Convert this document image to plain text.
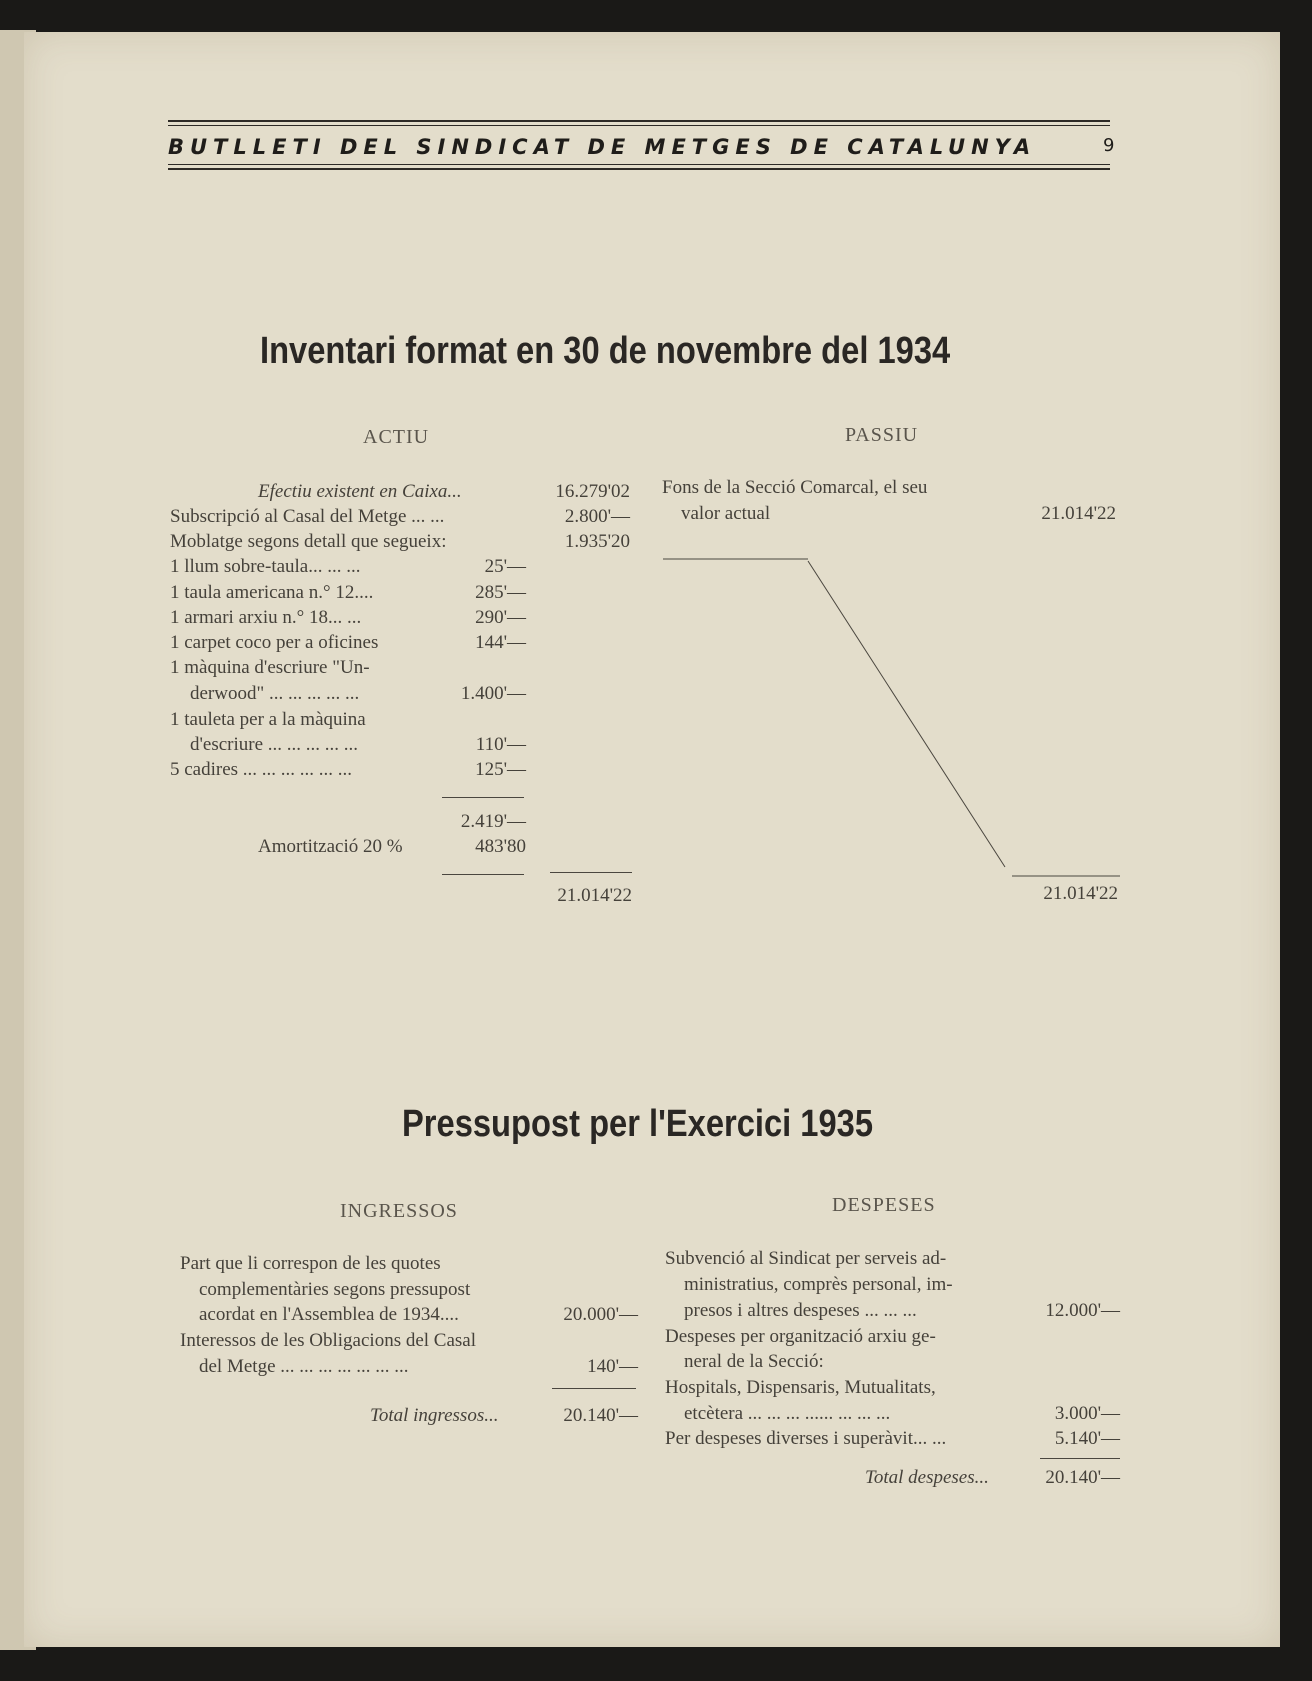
BUTLLETI DEL SINDICAT DE METGES DE CATALUNYA	9
Inventari format en 30 de novembre del 1934
ACTIU
Efectiu existent en Caixa...	16.279'02
Subscripció al Casal del Metge ... ...	2.800'—
Moblatge segons detall que segueix:	1.935'20
1 llum sobre-taula... ... ...	25'—
1 taula americana n.° 12....	285'—
1 armari arxiu n.° 18... ...	290'—
1 carpet coco per a oficines	144'—
1 màquina d'escriure "Un-
derwood" ... ... ... ... ...	1.400'—
1 tauleta per a la màquina
d'escriure ... ... ... ... ...	110'—
5 cadires ... ... ... ... ... ...	125'—
2.419'—
Amortització 20 %	483'80
21.014'22
PASSIU
Fons de la Secció Comarcal, el seu
valor actual	21.014'22
21.014'22
Pressupost per l'Exercici 1935
INGRESSOS
Part que li correspon de les quotes
complementàries segons pressupost
acordat en l'Assemblea de 1934....	20.000'—
Interessos de les Obligacions del Casal
del Metge ... ... ... ... ... ... ...	140'—
Total ingressos...	20.140'—
DESPESES
Subvenció al Sindicat per serveis ad-
ministratius, comprès personal, im-
presos i altres despeses ... ... ...	12.000'—
Despeses per organització arxiu ge-
neral de la Secció:
Hospitals, Dispensaris, Mutualitats,
etcètera ... ... ... ...... ... ... ...	3.000'—
Per despeses diverses i superàvit... ...	5.140'—
Total despeses...	20.140'—
